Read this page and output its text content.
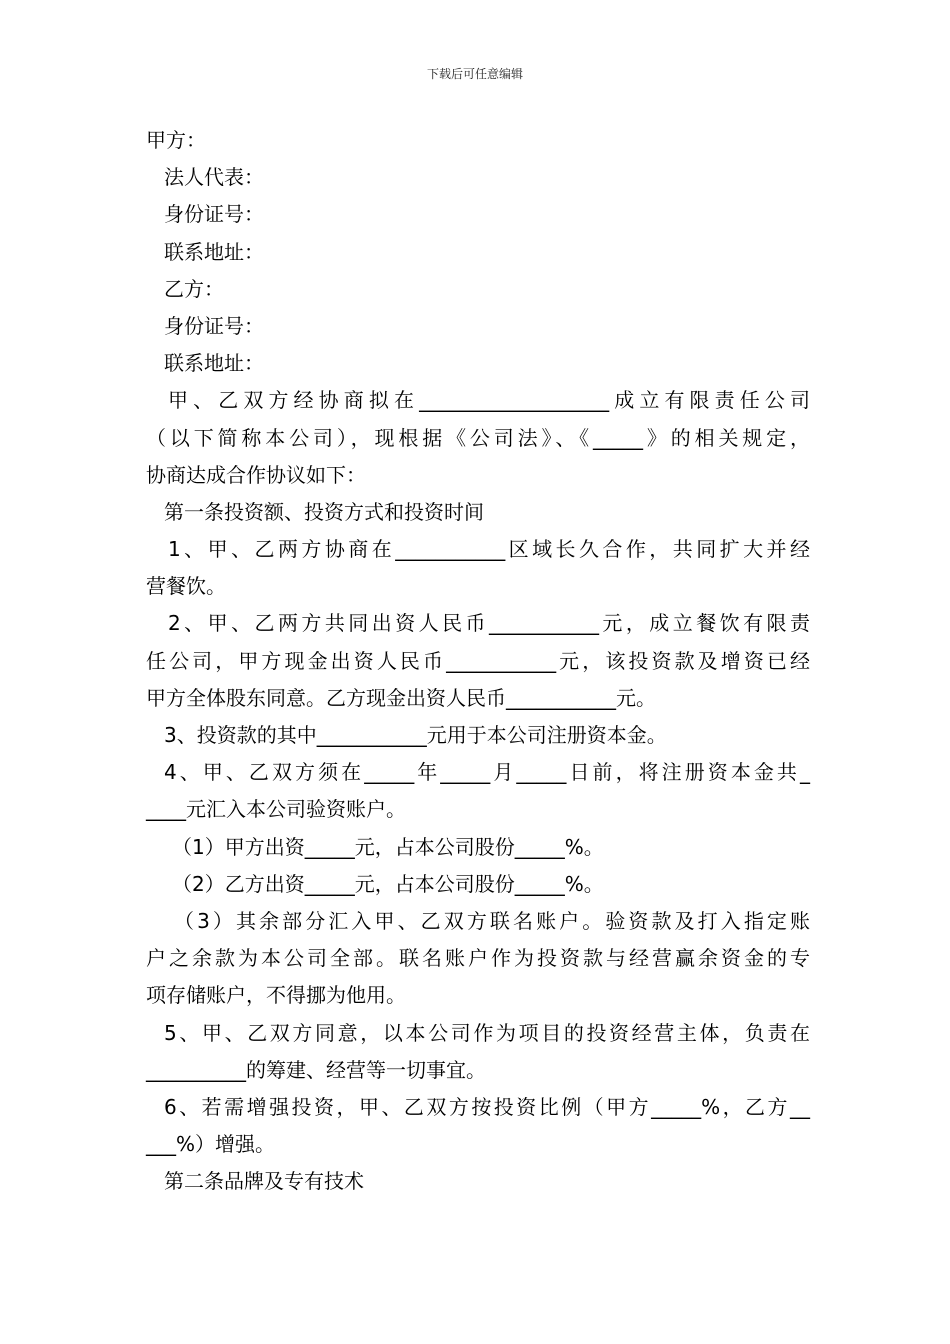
下载后可任意编辑
甲方：
法人代表：
身份证号：
联系地址：
乙方：
身份证号：
联系地址：
甲、乙双方经协商拟在___________________成立有限责任公司
（以下简称本公司），现根据《公司法》、《_____》的相关规定，
协商达成合作协议如下：
第一条投资额、投资方式和投资时间
1、甲、乙两方协商在___________区域长久合作，共同扩大并经
营餐饮。
2、甲、乙两方共同出资人民币___________元，成立餐饮有限责
任公司，甲方现金出资人民币___________元，该投资款及增资已经
甲方全体股东同意。乙方现金出资人民币___________元。
3、投资款的其中___________元用于本公司注册资本金。
4、甲、乙双方须在_____年_____月_____日前，将注册资本金共_
____元汇入本公司验资账户。
（1）甲方出资_____元，占本公司股份_____%。
（2）乙方出资_____元，占本公司股份_____%。
（3）其余部分汇入甲、乙双方联名账户。验资款及打入指定账
户之余款为本公司全部。联名账户作为投资款与经营赢余资金的专
项存储账户，不得挪为他用。
5、甲、乙双方同意，以本公司作为项目的投资经营主体，负责在
__________的筹建、经营等一切事宜。
6、若需增强投资，甲、乙双方按投资比例（甲方_____%，乙方__
___%）增强。
第二条品牌及专有技术
